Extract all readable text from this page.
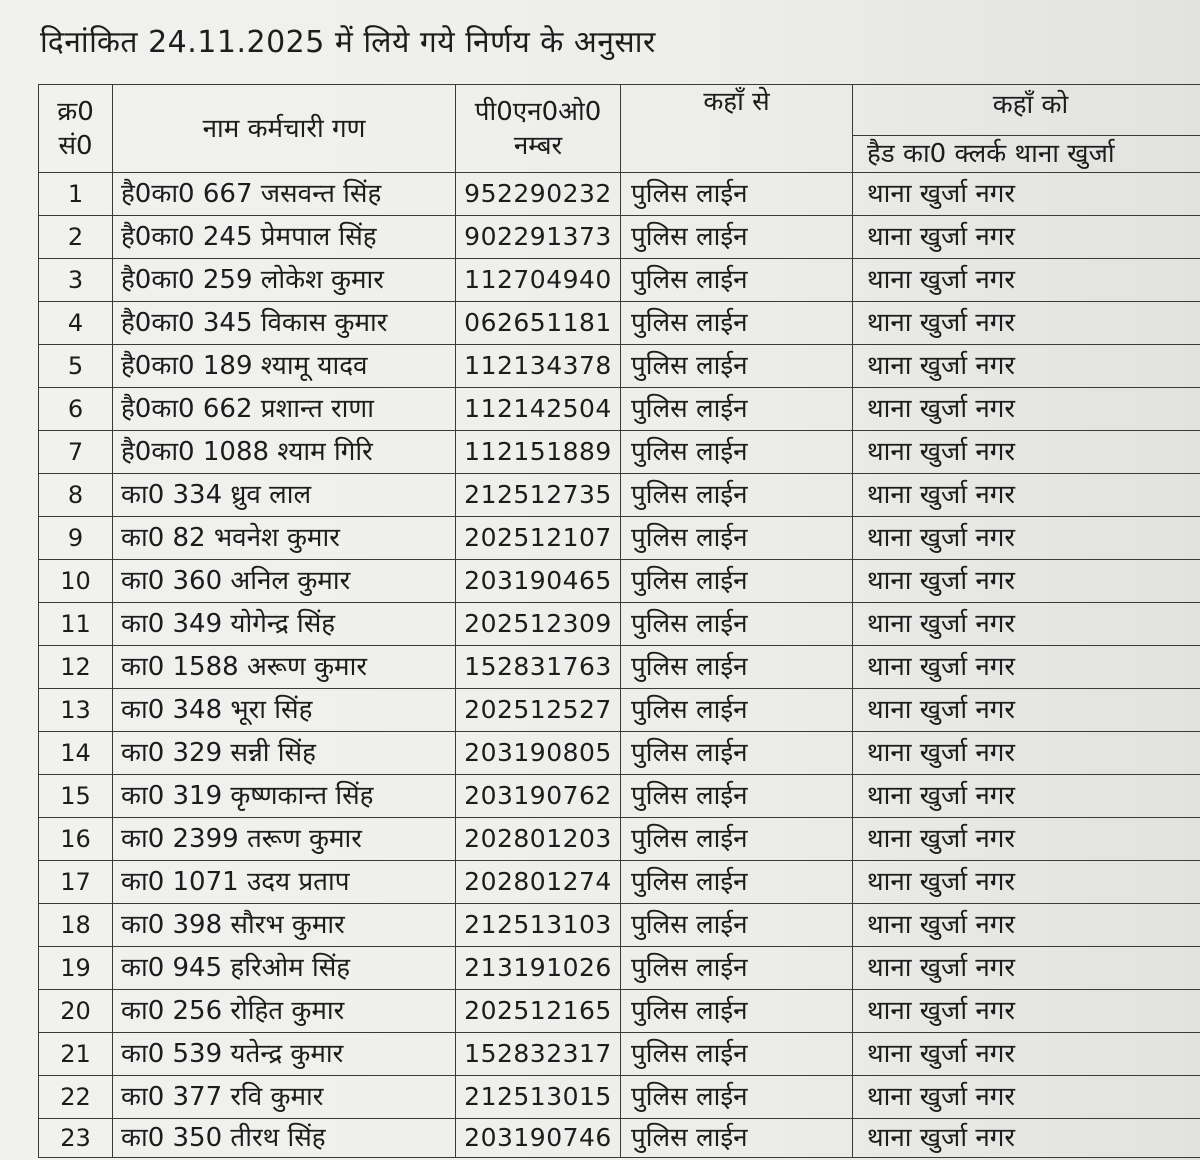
दिनांकित 24.11.2025 में लिये गये निर्णय के अनुसार
क्र0 सं0	नाम कर्मचारी गण	पी0एन0ओ0 नम्बर	कहाँ से	कहाँ को
हैड का0 क्लर्क थाना खुर्जा

1	है0का0 667 जसवन्त सिंह	952290232	पुलिस लाईन	थाना खुर्जा नगर
2	है0का0 245 प्रेमपाल सिंह	902291373	पुलिस लाईन	थाना खुर्जा नगर
3	है0का0 259 लोकेश कुमार	112704940	पुलिस लाईन	थाना खुर्जा नगर
4	है0का0 345 विकास कुमार	062651181	पुलिस लाईन	थाना खुर्जा नगर
5	है0का0 189 श्यामू यादव	112134378	पुलिस लाईन	थाना खुर्जा नगर
6	है0का0 662 प्रशान्त राणा	112142504	पुलिस लाईन	थाना खुर्जा नगर
7	है0का0 1088 श्याम गिरि	112151889	पुलिस लाईन	थाना खुर्जा नगर
8	का0 334 ध्रुव लाल	212512735	पुलिस लाईन	थाना खुर्जा नगर
9	का0 82 भवनेश कुमार	202512107	पुलिस लाईन	थाना खुर्जा नगर
10	का0 360 अनिल कुमार	203190465	पुलिस लाईन	थाना खुर्जा नगर
11	का0 349 योगेन्द्र सिंह	202512309	पुलिस लाईन	थाना खुर्जा नगर
12	का0 1588 अरूण कुमार	152831763	पुलिस लाईन	थाना खुर्जा नगर
13	का0 348 भूरा सिंह	202512527	पुलिस लाईन	थाना खुर्जा नगर
14	का0 329 सन्नी सिंह	203190805	पुलिस लाईन	थाना खुर्जा नगर
15	का0 319 कृष्णकान्त सिंह	203190762	पुलिस लाईन	थाना खुर्जा नगर
16	का0 2399 तरूण कुमार	202801203	पुलिस लाईन	थाना खुर्जा नगर
17	का0 1071 उदय प्रताप	202801274	पुलिस लाईन	थाना खुर्जा नगर
18	का0 398 सौरभ कुमार	212513103	पुलिस लाईन	थाना खुर्जा नगर
19	का0 945 हरिओम सिंह	213191026	पुलिस लाईन	थाना खुर्जा नगर
20	का0 256 रोहित कुमार	202512165	पुलिस लाईन	थाना खुर्जा नगर
21	का0 539 यतेन्द्र कुमार	152832317	पुलिस लाईन	थाना खुर्जा नगर
22	का0 377 रवि कुमार	212513015	पुलिस लाईन	थाना खुर्जा नगर
23	का0 350 तीरथ सिंह	203190746	पुलिस लाईन	थाना खुर्जा नगर
